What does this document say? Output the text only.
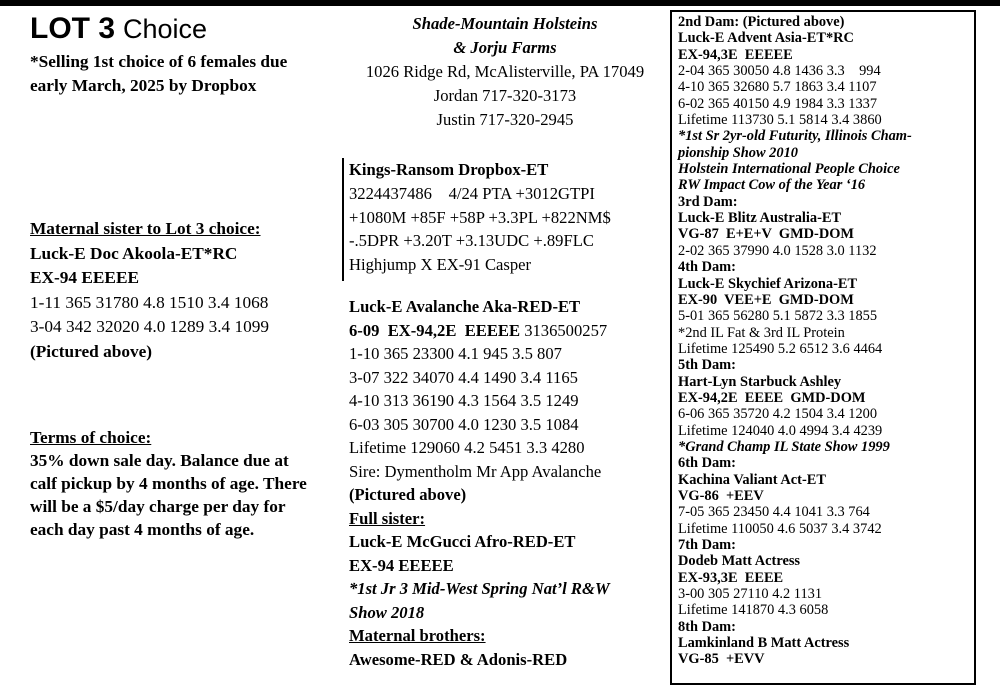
LOT 3 Choice
*Selling 1st choice of 6 females due
early March, 2025 by Dropbox
Maternal sister to Lot 3 choice:
Luck-E Doc Akoola-ET*RC
EX-94 EEEEE
1-11 365 31780 4.8 1510 3.4 1068
3-04 342 32020 4.0 1289 3.4 1099
(Pictured above)
Terms of choice:
35% down sale day. Balance due at
calf pickup by 4 months of age. There
will be a $5/day charge per day for
each day past 4 months of age.
Shade-Mountain Holsteins
& Jorju Farms
1026 Ridge Rd, McAlisterville, PA 17049
Jordan 717-320-3173
Justin 717-320-2945
Kings-Ransom Dropbox-ET
3224437486    4/24 PTA +3012GTPI
+1080M +85F +58P +3.3PL +822NM$
-.5DPR +3.20T +3.13UDC +.89FLC
Highjump X EX-91 Casper
Luck-E Avalanche Aka-RED-ET
6-09  EX-94,2E  EEEEE 3136500257
1-10 365 23300 4.1 945 3.5 807
3-07 322 34070 4.4 1490 3.4 1165
4-10 313 36190 4.3 1564 3.5 1249
6-03 305 30700 4.0 1230 3.5 1084
Lifetime 129060 4.2 5451 3.3 4280
Sire: Dymentholm Mr App Avalanche
(Pictured above)
Full sister:
Luck-E McGucci Afro-RED-ET
EX-94 EEEEE
*1st Jr 3 Mid-West Spring Nat’l R&W
Show 2018
Maternal brothers:
Awesome-RED & Adonis-RED
2nd Dam: (Pictured above)
Luck-E Advent Asia-ET*RC
EX-94,3E  EEEEE
2-04 365 30050 4.8 1436 3.3    994
4-10 365 32680 5.7 1863 3.4 1107
6-02 365 40150 4.9 1984 3.3 1337
Lifetime 113730 5.1 5814 3.4 3860
*1st Sr 2yr-old Futurity, Illinois Cham-
pionship Show 2010
Holstein International People Choice
RW Impact Cow of the Year ‘16
3rd Dam:
Luck-E Blitz Australia-ET
VG-87  E+E+V  GMD-DOM
2-02 365 37990 4.0 1528 3.0 1132
4th Dam:
Luck-E Skychief Arizona-ET
EX-90  VEE+E  GMD-DOM
5-01 365 56280 5.1 5872 3.3 1855
*2nd IL Fat & 3rd IL Protein
Lifetime 125490 5.2 6512 3.6 4464
5th Dam:
Hart-Lyn Starbuck Ashley
EX-94,2E  EEEE  GMD-DOM
6-06 365 35720 4.2 1504 3.4 1200
Lifetime 124040 4.0 4994 3.4 4239
*Grand Champ IL State Show 1999
6th Dam:
Kachina Valiant Act-ET
VG-86  +EEV
7-05 365 23450 4.4 1041 3.3 764
Lifetime 110050 4.6 5037 3.4 3742
7th Dam:
Dodeb Matt Actress
EX-93,3E  EEEE
3-00 305 27110 4.2 1131
Lifetime 141870 4.3 6058
8th Dam:
Lamkinland B Matt Actress
VG-85  +EVV
